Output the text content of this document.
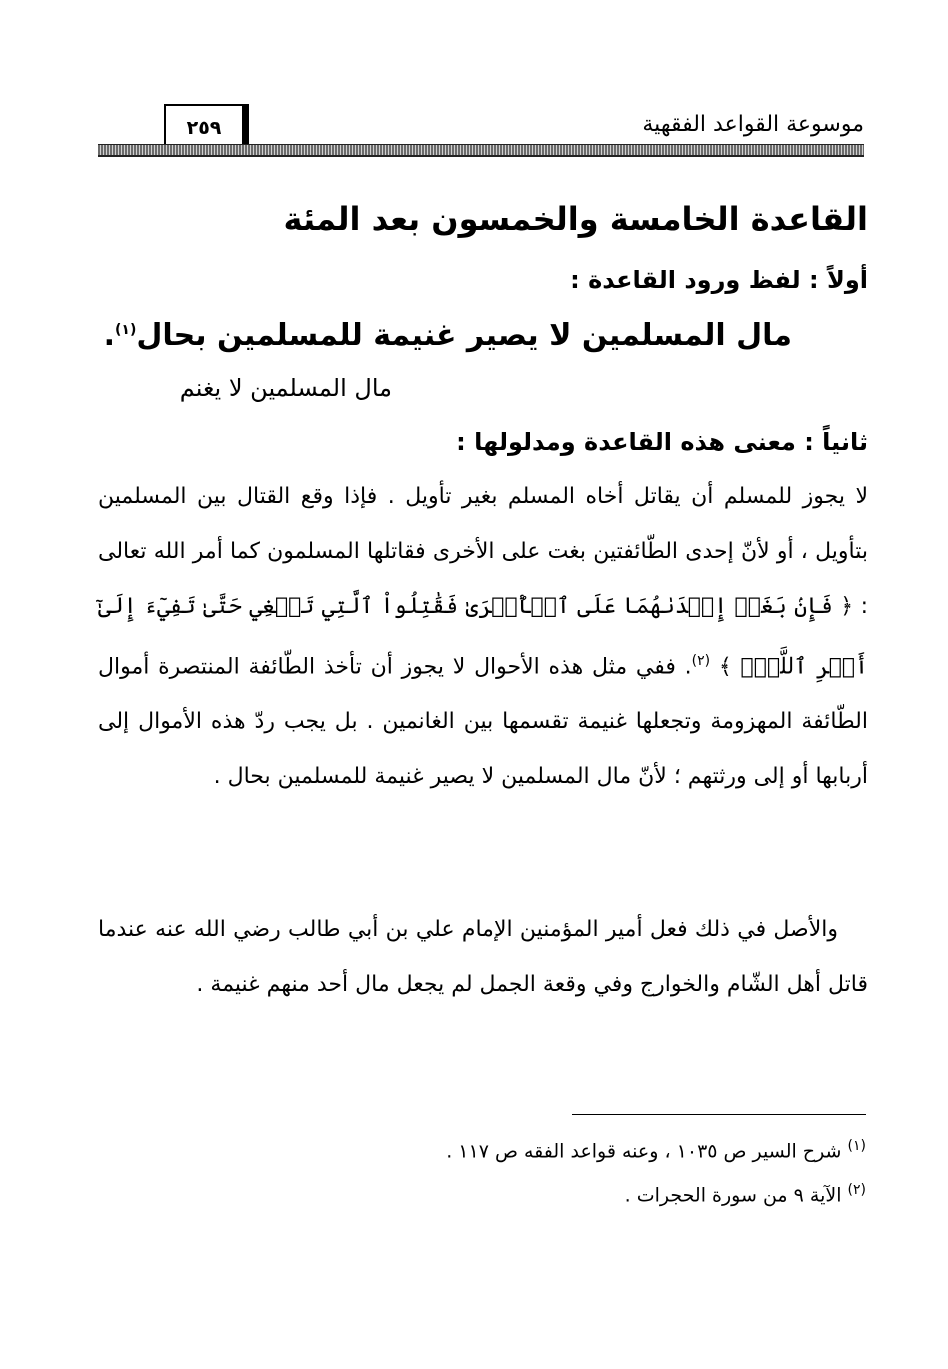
موسوعة القواعد الفقهية
٢٥٩
القاعدة الخامسة والخمسون بعد المئة
أولاً : لفظ ورود القاعدة :
مال المسلمين لا يصير غنيمة للمسلمين بحال$^{(١)}$.
مال المسلمين لا يغنم
ثانياً : معنى هذه القاعدة ومدلولها :

لا يجوز للمسلم أن يقاتل أخاه المسلم بغير تأويل . فإذا وقع القتال بين المسلمين بتأويل ، أو لأنّ إحدى الطّائفتين بغت على الأخرى فقاتلها المسلمون كما أمر الله تعالى : ﴿ فَإِنۢ بَغَتۡ إِحۡدَىٰهُمَا عَلَى ٱلۡأُخۡرَىٰ فَقَٰتِلُواْ ٱلَّتِي تَبۡغِي حَتَّىٰ تَفِيٓءَ إِلَىٰٓ أَمۡرِ ٱللَّهِۚ ﴾ $^{(٢)}$. ففي مثل هذه الأحوال لا يجوز أن تأخذ الطّائفة المنتصرة أموال الطّائفة المهزومة وتجعلها غنيمة تقسمها بين الغانمين . بل يجب ردّ هذه الأموال إلى أربابها أو إلى ورثتهم ؛ لأنّ مال المسلمين لا يصير غنيمة للمسلمين بحال .

والأصل في ذلك فعل أمير المؤمنين الإمام علي بن أبي طالب رضي الله عنه عندما قاتل أهل الشّام والخوارج وفي وقعة الجمل لم يجعل مال أحد منهم غنيمة .

$^{(١)}$ شرح السير ص ١٠٣٥ ، وعنه قواعد الفقه ص ١١٧ .
$^{(٢)}$ الآية ٩ من سورة الحجرات .
